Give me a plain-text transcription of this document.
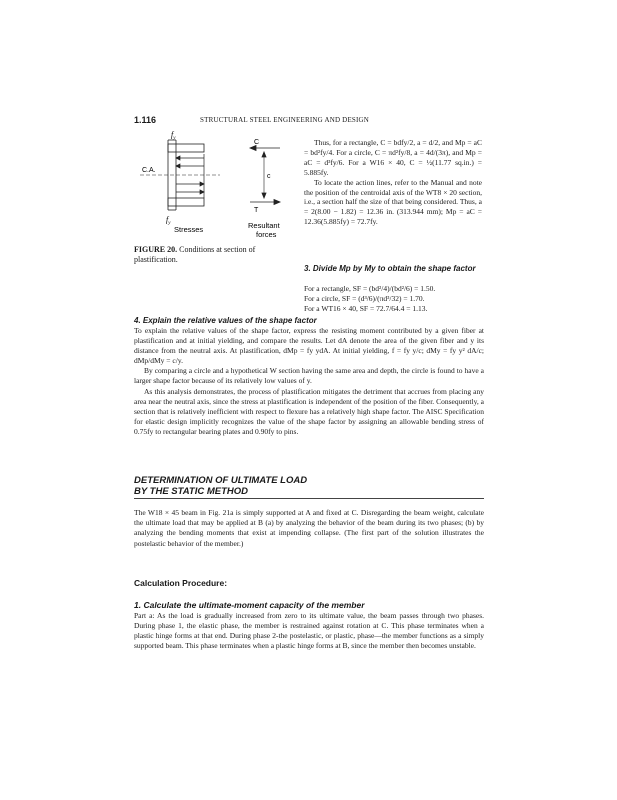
1.116	STRUCTURAL STEEL ENGINEERING AND DESIGN
$f_y$
$f_y$
C.A.
C
c
T
Stresses	Resultant
forces
FIGURE 20. Conditions at section of plastification.

Thus, for a rectangle, C = bdfy/2, a = d/2, and Mp = aC = bd²fy/4. For a circle, C = πd²fy/8, a = 4d/(3π), and Mp = aC = d³fy/6. For a W16 × 40, C = ½(11.77 sq.in.) = 5.885fy.

To locate the action lines, refer to the Manual and note the position of the centroidal axis of the WT8 × 20 section, i.e., a section half the size of that being considered. Thus, a = 2(8.00 − 1.82) = 12.36 in. (313.944 mm); Mp = aC = 12.36(5.885fy) = 72.7fy.

3. Divide Mp by My to obtain the shape factor
For a rectangle, SF = (bd²/4)/(bd²/6) = 1.50.
For a circle, SF = (d³/6)/(πd³/32) = 1.70.
For a WT16 × 40, SF = 72.7/64.4 = 1.13.
4. Explain the relative values of the shape factor

To explain the relative values of the shape factor, express the resisting moment contributed by a given fiber at plastification and at initial yielding, and compare the results. Let dA denote the area of the given fiber and y its distance from the neutral axis. At plastification, dMp = fy ydA. At initial yielding, f = fy y/c; dMy = fy y² dA/c; dMp/dMy = c/y.

By comparing a circle and a hypothetical W section having the same area and depth, the circle is found to have a larger shape factor because of its relatively low values of y.

As this analysis demonstrates, the process of plastification mitigates the detriment that accrues from placing any area near the neutral axis, since the stress at plastification is independent of the position of the fiber. Consequently, a section that is relatively inefficient with respect to flexure has a relatively high shape factor. The AISC Specification for elastic design implicitly recognizes the value of the shape factor by assigning an allowable bending stress of 0.75fy to rectangular bearing plates and 0.90fy to pins.

DETERMINATION OF ULTIMATE LOAD
BY THE STATIC METHOD
The W18 × 45 beam in Fig. 21a is simply supported at A and fixed at C. Disregarding the beam weight, calculate the ultimate load that may be applied at B (a) by analyzing the behavior of the beam during its two phases; (b) by analyzing the bending moments that exist at impending collapse. (The first part of the solution illustrates the postelastic behavior of the member.)
Calculation Procedure:
1. Calculate the ultimate-moment capacity of the member
Part a: As the load is gradually increased from zero to its ultimate value, the beam passes through two phases. During phase 1, the elastic phase, the member is restrained against rotation at C. This phase terminates when a plastic hinge forms at that end. During phase 2-the postelastic, or plastic, phase—the member functions as a simply supported beam. This phase terminates when a plastic hinge forms at B, since the member then becomes unstable.
